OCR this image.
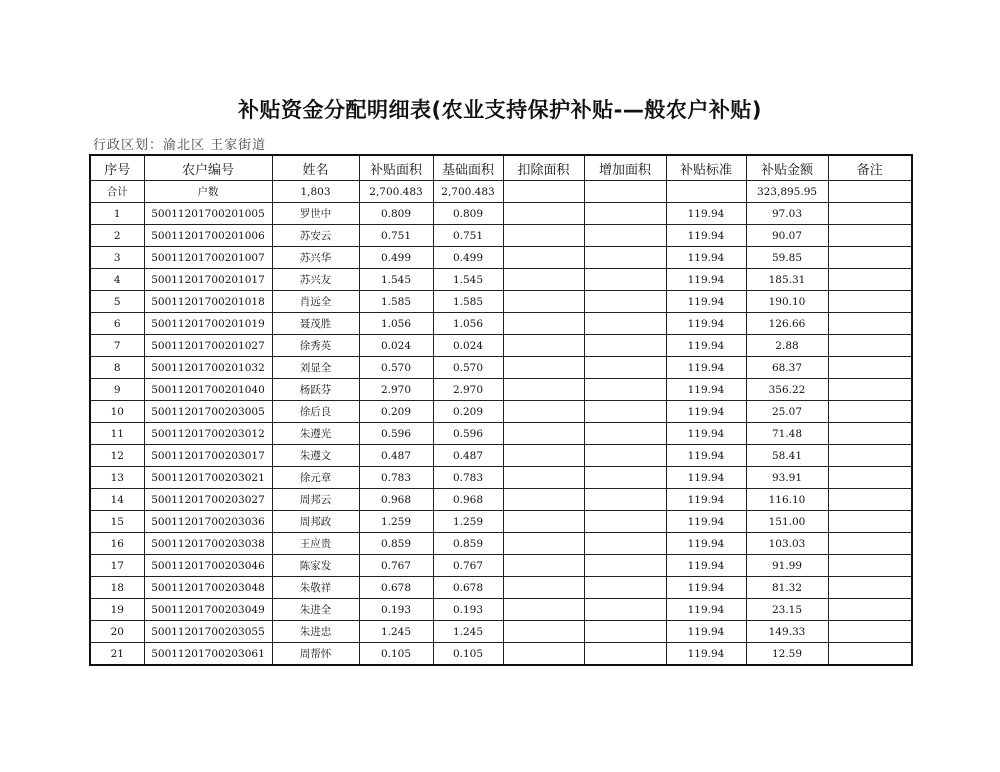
补贴资金分配明细表(农业支持保护补贴-—般农户补贴)
行政区划：渝北区 王家街道
序号	农户编号	姓名	补贴面积	基础面积	扣除面积	增加面积	补贴标准	补贴金额	备注
合计	户数	1,803	2,700.483	2,700.483				323,895.95	
1	50011201700201005	罗世中	0.809	0.809			119.94	97.03	
2	50011201700201006	苏安云	0.751	0.751			119.94	90.07	
3	50011201700201007	苏兴华	0.499	0.499			119.94	59.85	
4	50011201700201017	苏兴友	1.545	1.545			119.94	185.31	
5	50011201700201018	肖远全	1.585	1.585			119.94	190.10	
6	50011201700201019	聂茂胜	1.056	1.056			119.94	126.66	
7	50011201700201027	徐秀英	0.024	0.024			119.94	2.88	
8	50011201700201032	刘显全	0.570	0.570			119.94	68.37	
9	50011201700201040	杨跃芬	2.970	2.970			119.94	356.22	
10	50011201700203005	徐后良	0.209	0.209			119.94	25.07	
11	50011201700203012	朱遵光	0.596	0.596			119.94	71.48	
12	50011201700203017	朱遵文	0.487	0.487			119.94	58.41	
13	50011201700203021	徐元章	0.783	0.783			119.94	93.91	
14	50011201700203027	周邦云	0.968	0.968			119.94	116.10	
15	50011201700203036	周邦政	1.259	1.259			119.94	151.00	
16	50011201700203038	王应贵	0.859	0.859			119.94	103.03	
17	50011201700203046	陈家发	0.767	0.767			119.94	91.99	
18	50011201700203048	朱敬祥	0.678	0.678			119.94	81.32	
19	50011201700203049	朱进全	0.193	0.193			119.94	23.15	
20	50011201700203055	朱进忠	1.245	1.245			119.94	149.33	
21	50011201700203061	周帮怀	0.105	0.105			119.94	12.59	
